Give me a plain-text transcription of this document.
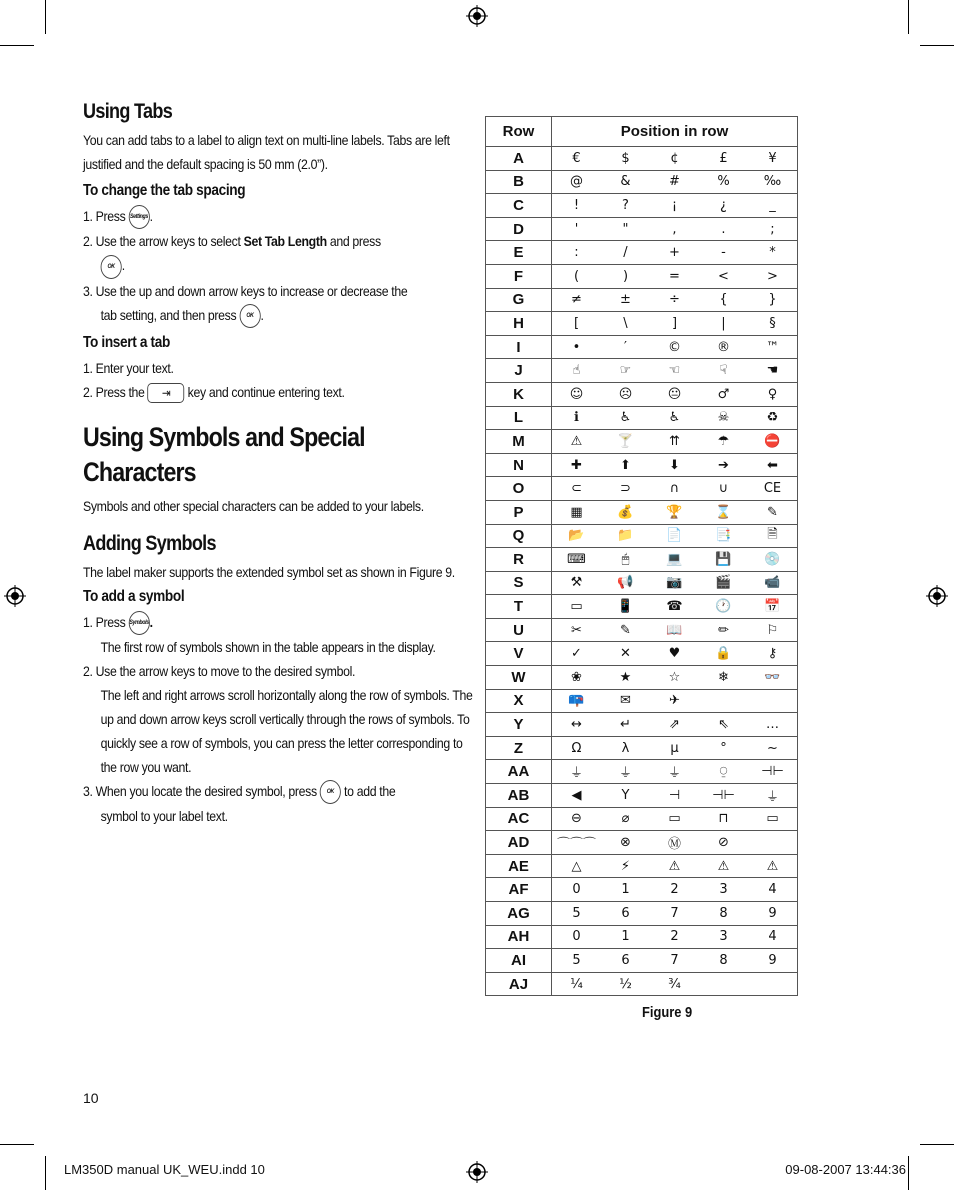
Using Tabs
You can add tabs to a label to align text on multi-line labels. Tabs are left justified and the default spacing is 50 mm (2.0”).
To change the tab spacing
1. Press Settings .
2. Use the arrow keys to select Set Tab Length and press
OK .
3. Use the up and down arrow keys to increase or decrease the
tab setting, and then press OK .
To insert a tab
1. Enter your text.
2. Press the ⇥ key and continue entering text.
Using Symbols and Special
Characters
Symbols and other special characters can be added to your labels.
Adding Symbols
The label maker supports the extended symbol set as shown in Figure 9.
To add a symbol
1. Press Symbols.
The first row of symbols shown in the table appears in the display.
2. Use the arrow keys to move to the desired symbol.
The left and right arrows scroll horizontally along the row of symbols. The up and down arrow keys scroll vertically through the rows of symbols. To quickly see a row of symbols, you can press the letter corresponding to the row you want.
3. When you locate the desired symbol, press OK to add the
symbol to your label text.
Row	Position in row
A	€ $ ¢ £ ¥

B	@ & # % ‰

C	! ? ¡ ¿ _

D	' " , . ;

E	: / + - *

F	( ) = < >

G	≠ ± ÷ { }

H	[ \ ] | §

I	• ′ © ® ™

J	☝ ☞ ☜ ☟ ☚

K	☺ ☹ 😐 ♂ ♀

L	ℹ ♿ ♿ ☠ ♻

M	⚠ 🍸 ⇈ ☂ ⛔

N	✚ ⬆ ⬇ ➔ ⬅

O	⊂ ⊃ ∩ ∪ CE

P	▦ 💰 🏆 ⌛ ✎

Q	📂 📁 📄 📑 🗎

R	⌨ 🖱 💻 💾 💿

S	⚒ 📢 📷 🎬 📹

T	▭ 📱 ☎ 🕐 📅

U	✂ ✎ 📖 ✏ ⚐

V	✓ ✕ ♥ 🔒 ⚷

W	❀ ★ ☆ ❄ 👓

X	📪 ✉ ✈

Y	↔ ↵ ⇗ ⇖ …

Z	Ω λ µ ° ~

AA	⏚ ⏚ ⏚ ⍜ ⊣⊢

AB	◀ Y ⊣ ⊣⊢ ⏚

AC	⊖ ⌀ ▭ ⊓ ▭

AD	⌒⌒⌒ ⊗ Ⓜ ⊘

AE	△ ⚡ ⚠ ⚠ ⚠

AF	0 1 2 3 4

AG	5 6 7 8 9

AH	0 1 2 3 4

AI	5 6 7 8 9

AJ	¼ ½ ¾
Figure 9
10
LM350D manual UK_WEU.indd 10	09-08-2007 13:44:36
